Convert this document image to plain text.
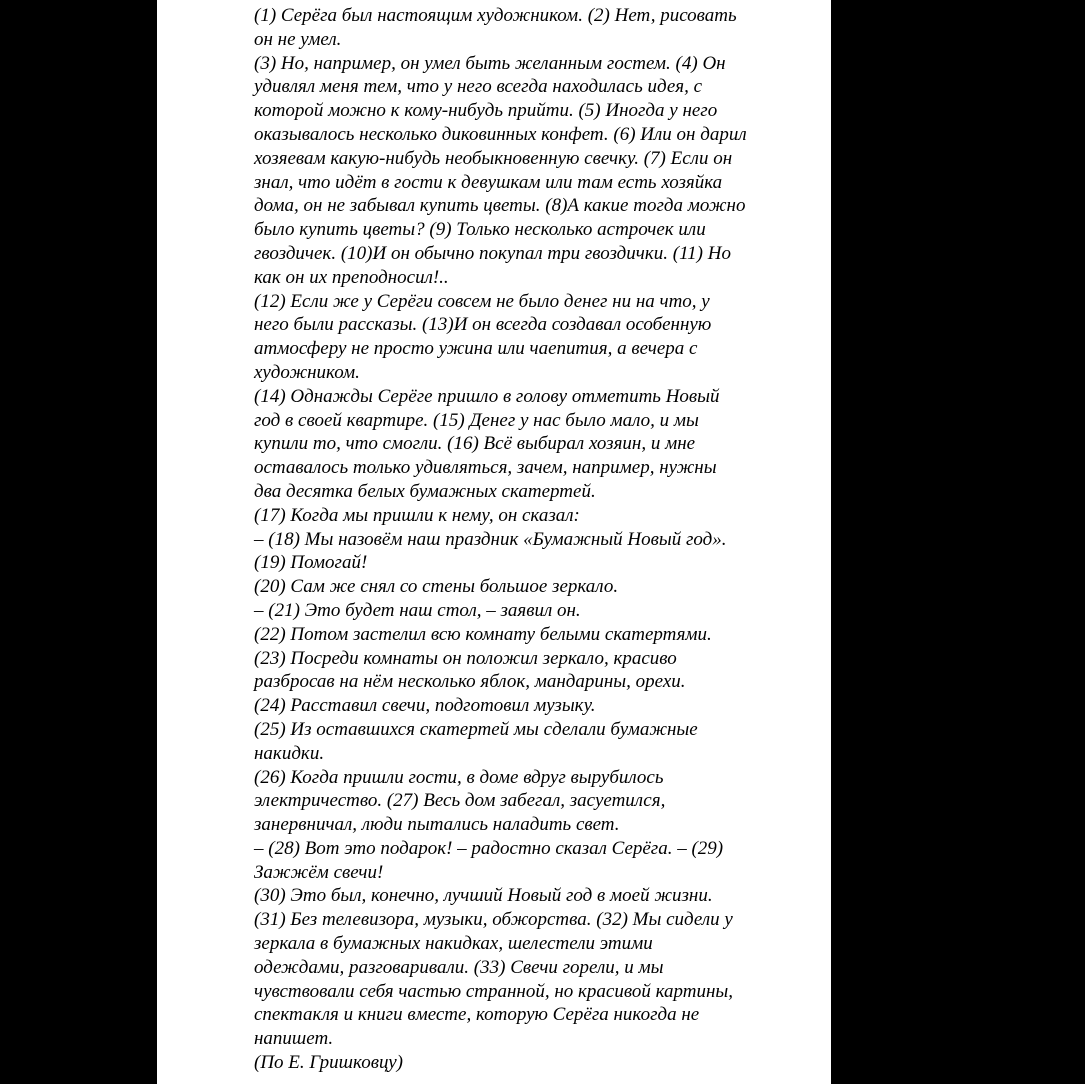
(1) Серёга был настоящим художником. (2) Нет, рисовать
он не умел.
(3) Но, например, он умел быть желанным гостем. (4) Он
удивлял меня тем, что у него всегда находилась идея, с
которой можно к кому-нибудь прийти. (5) Иногда у него
оказывалось несколько диковинных конфет. (6) Или он дарил
хозяевам какую-нибудь необыкновенную свечку. (7) Если он
знал, что идёт в гости к девушкам или там есть хозяйка
дома, он не забывал купить цветы. (8)А какие тогда можно
было купить цветы? (9) Только несколько астрочек или
гвоздичек. (10)И он обычно покупал три гвоздички. (11) Но
как он их преподносил!..
(12) Если же у Серёги совсем не было денег ни на что, у
него были рассказы. (13)И он всегда создавал особенную
атмосферу не просто ужина или чаепития, а вечера с
художником.
(14) Однажды Серёге пришло в голову отметить Новый
год в своей квартире. (15) Денег у нас было мало, и мы
купили то, что смогли. (16) Всё выбирал хозяин, и мне
оставалось только удивляться, зачем, например, нужны
два десятка белых бумажных скатертей.
(17) Когда мы пришли к нему, он сказал:
– (18) Мы назовём наш праздник «Бумажный Новый год».
(19) Помогай!
(20) Сам же снял со стены большое зеркало.
– (21) Это будет наш стол, – заявил он.
(22) Потом застелил всю комнату белыми скатертями.
(23) Посреди комнаты он положил зеркало, красиво
разбросав на нём несколько яблок, мандарины, орехи.
(24) Расставил свечи, подготовил музыку.
(25) Из оставшихся скатертей мы сделали бумажные
накидки.
(26) Когда пришли гости, в доме вдруг вырубилось
электричество. (27) Весь дом забегал, засуетился,
занервничал, люди пытались наладить свет.
– (28) Вот это подарок! – радостно сказал Серёга. – (29)
Зажжём свечи!
(30) Это был, конечно, лучший Новый год в моей жизни.
(31) Без телевизора, музыки, обжорства. (32) Мы сидели у
зеркала в бумажных накидках, шелестели этими
одеждами, разговаривали. (33) Свечи горели, и мы
чувствовали себя частью странной, но красивой картины,
спектакля и книги вместе, которую Серёга никогда не
напишет.
(По Е. Гришковцу)
